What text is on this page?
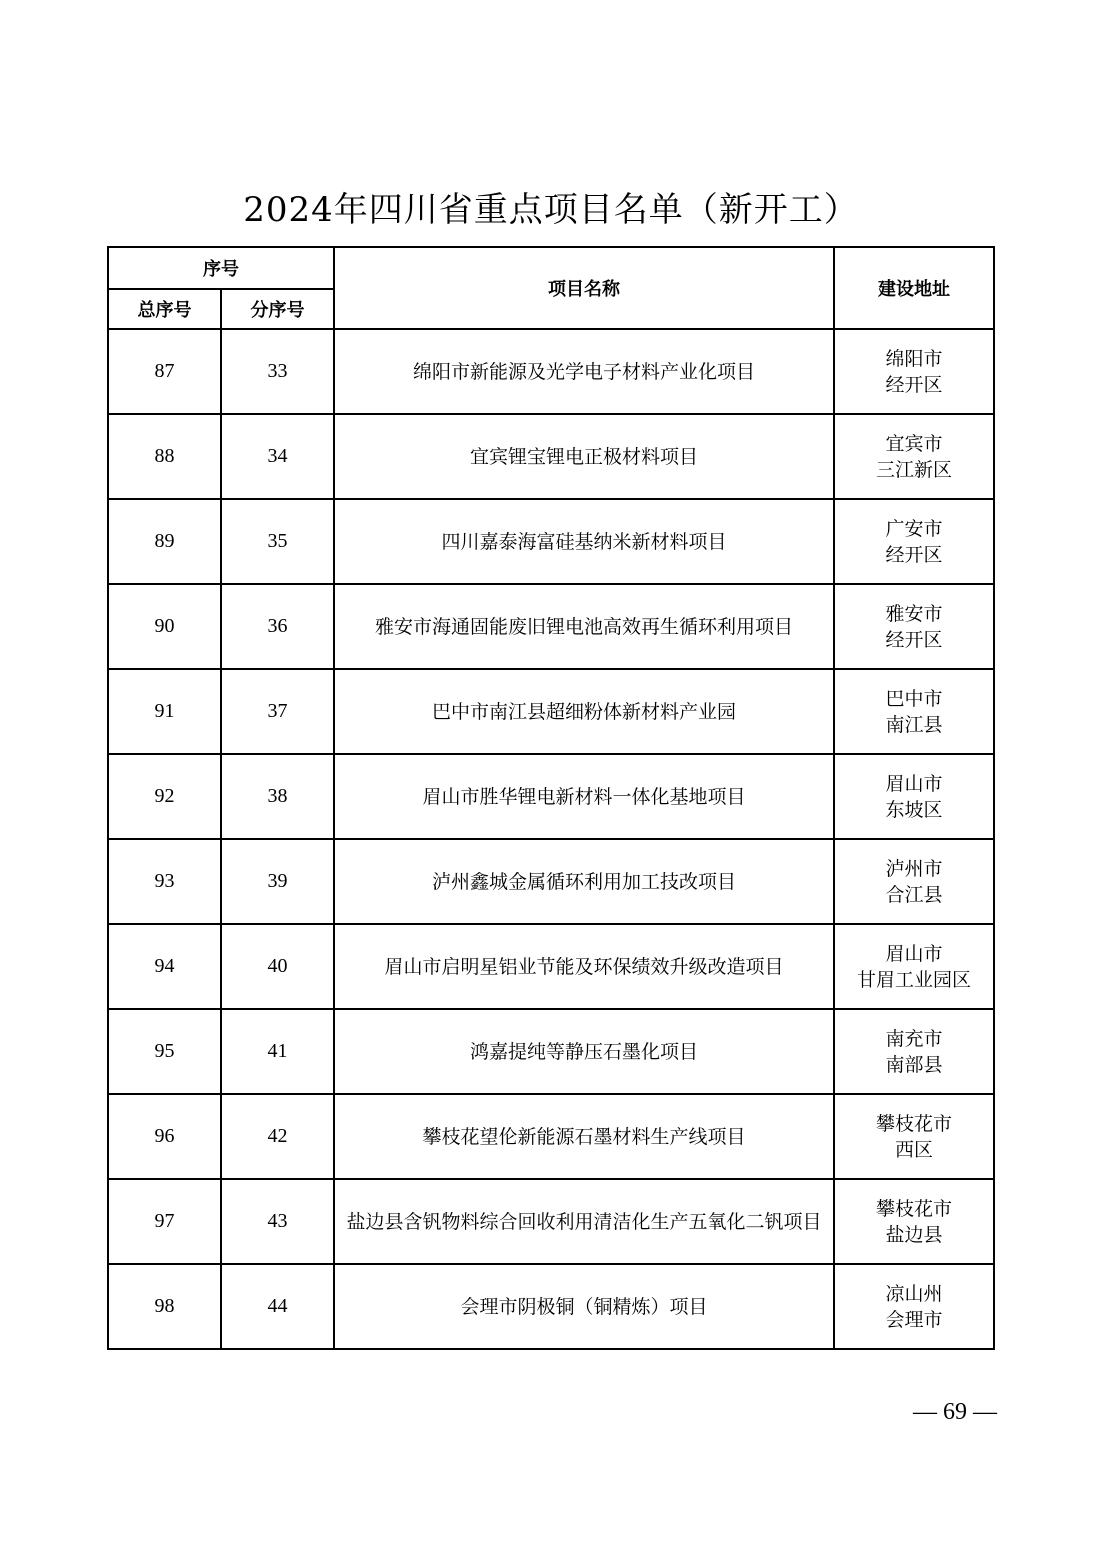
2024年四川省重点项目名单（新开工）
序号		项目名称	建设地址
总序号	分序号		
87	33	绵阳市新能源及光学电子材料产业化项目	绵阳市
经开区

88	34	宜宾锂宝锂电正极材料项目	宜宾市
三江新区

89	35	四川嘉泰海富硅基纳米新材料项目	广安市
经开区

90	36	雅安市海通固能废旧锂电池高效再生循环利用项目	雅安市
经开区

91	37	巴中市南江县超细粉体新材料产业园	巴中市
南江县

92	38	眉山市胜华锂电新材料一体化基地项目	眉山市
东坡区

93	39	泸州鑫城金属循环利用加工技改项目	泸州市
合江县

94	40	眉山市启明星铝业节能及环保绩效升级改造项目	眉山市
甘眉工业园区

95	41	鸿嘉提纯等静压石墨化项目	南充市
南部县

96	42	攀枝花望伦新能源石墨材料生产线项目	攀枝花市
西区

97	43	盐边县含钒物料综合回收利用清洁化生产五氧化二钒项目	攀枝花市
盐边县

98	44	会理市阴极铜（铜精炼）项目	凉山州
会理市
— 69 —
